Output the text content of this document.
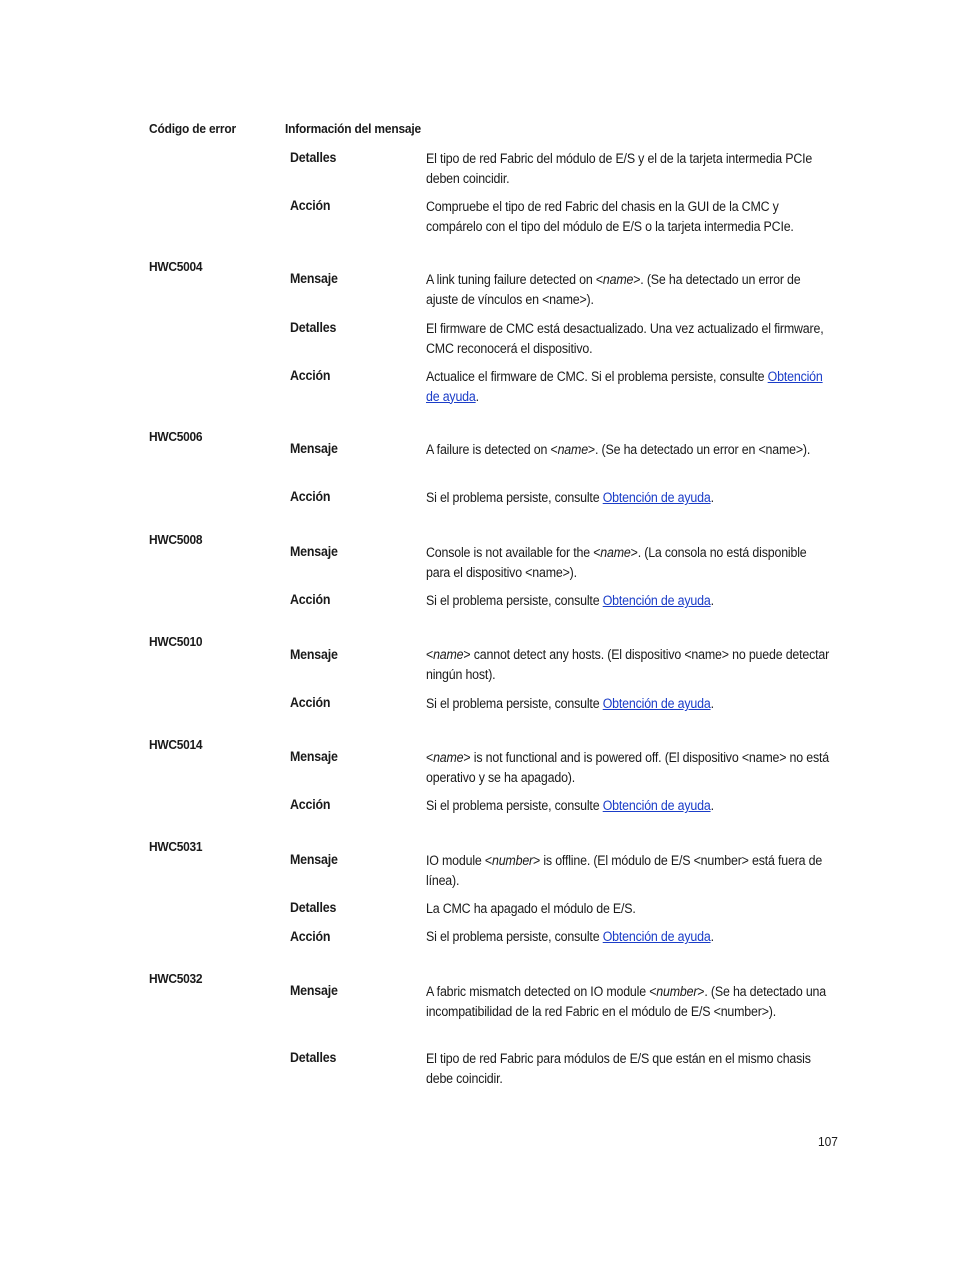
Código de error	Información del mensaje
Detalles	El tipo de red Fabric del módulo de E/S y el de la tarjeta intermedia PCIe deben coincidir.
Acción	Compruebe el tipo de red Fabric del chasis en la GUI de la CMC y compárelo con el tipo del módulo de E/S o la tarjeta intermedia PCIe.
HWC5004
Mensaje	A link tuning failure detected on <name>. (Se ha detectado un error de ajuste de vínculos en <name>).
Detalles	El firmware de CMC está desactualizado. Una vez actualizado el firmware, CMC reconocerá el dispositivo.
Acción	Actualice el firmware de CMC. Si el problema persiste, consulte Obtención de ayuda.
HWC5006
Mensaje	A failure is detected on <name>. (Se ha detectado un error en <name>).
Acción	Si el problema persiste, consulte Obtención de ayuda.
HWC5008
Mensaje	Console is not available for the <name>. (La consola no está disponible para el dispositivo <name>).
Acción	Si el problema persiste, consulte Obtención de ayuda.
HWC5010
Mensaje	<name> cannot detect any hosts. (El dispositivo <name> no puede detectar ningún host).
Acción	Si el problema persiste, consulte Obtención de ayuda.
HWC5014
Mensaje	<name> is not functional and is powered off. (El dispositivo <name> no está operativo y se ha apagado).
Acción	Si el problema persiste, consulte Obtención de ayuda.
HWC5031
Mensaje	IO module <number> is offline. (El módulo de E/S <number> está fuera de línea).
Detalles	La CMC ha apagado el módulo de E/S.
Acción	Si el problema persiste, consulte Obtención de ayuda.
HWC5032
Mensaje	A fabric mismatch detected on IO module <number>. (Se ha detectado una incompatibilidad de la red Fabric en el módulo de E/S <number>).
Detalles	El tipo de red Fabric para módulos de E/S que están en el mismo chasis debe coincidir.
107
